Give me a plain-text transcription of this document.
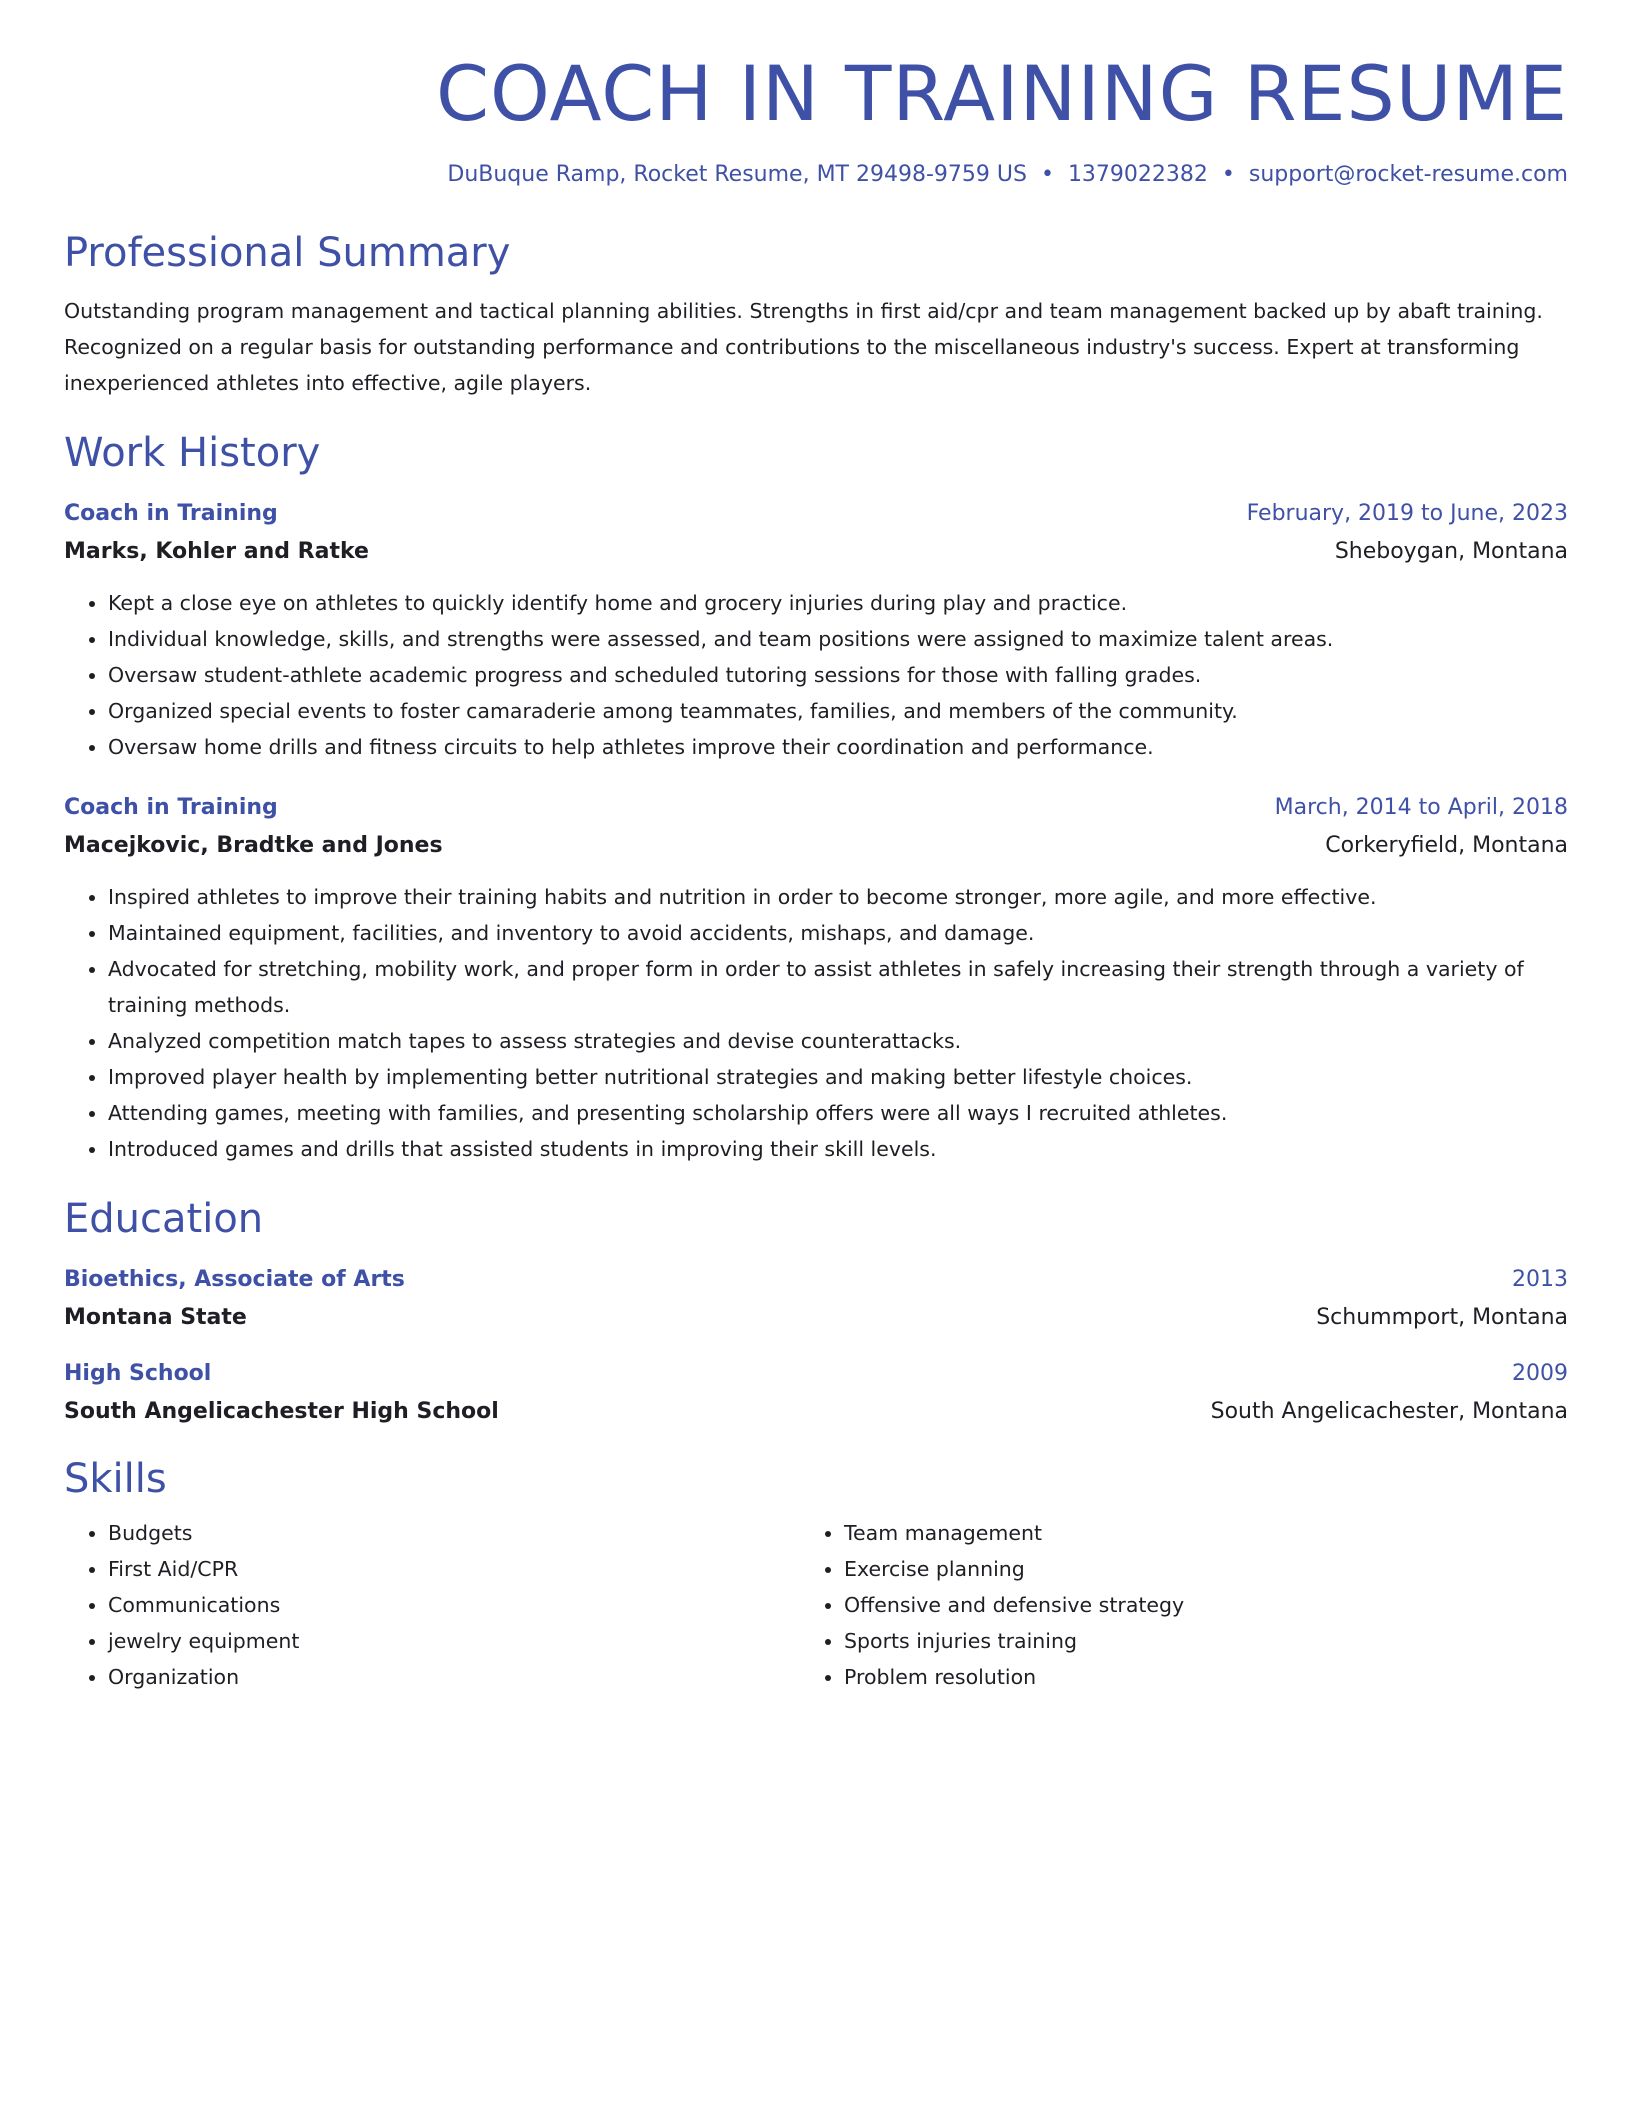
COACH IN TRAINING RESUME
DuBuque Ramp, Rocket Resume, MT 29498-9759 US • 1379022382 • support@rocket-resume.com
Professional Summary
Outstanding program management and tactical planning abilities. Strengths in first aid/cpr and team management backed up by abaft training. Recognized on a regular basis for outstanding performance and contributions to the miscellaneous industry's success. Expert at transforming inexperienced athletes into effective, agile players.
Work History
Coach in Training	February, 2019 to June, 2023
Marks, Kohler and Ratke	Sheboygan, Montana
• Kept a close eye on athletes to quickly identify home and grocery injuries during play and practice.
• Individual knowledge, skills, and strengths were assessed, and team positions were assigned to maximize talent areas.
• Oversaw student-athlete academic progress and scheduled tutoring sessions for those with falling grades.
• Organized special events to foster camaraderie among teammates, families, and members of the community.
• Oversaw home drills and fitness circuits to help athletes improve their coordination and performance.
Coach in Training	March, 2014 to April, 2018
Macejkovic, Bradtke and Jones	Corkeryfield, Montana
• Inspired athletes to improve their training habits and nutrition in order to become stronger, more agile, and more effective.
• Maintained equipment, facilities, and inventory to avoid accidents, mishaps, and damage.
• Advocated for stretching, mobility work, and proper form in order to assist athletes in safely increasing their strength through a variety of training methods.
• Analyzed competition match tapes to assess strategies and devise counterattacks.
• Improved player health by implementing better nutritional strategies and making better lifestyle choices.
• Attending games, meeting with families, and presenting scholarship offers were all ways I recruited athletes.
• Introduced games and drills that assisted students in improving their skill levels.
Education
Bioethics, Associate of Arts	2013
Montana State	Schummport, Montana
High School	2009
South Angelicachester High School	South Angelicachester, Montana
Skills
• Budgets
• First Aid/CPR
• Communications
• jewelry equipment
• Organization
• Team management
• Exercise planning
• Offensive and defensive strategy
• Sports injuries training
• Problem resolution
